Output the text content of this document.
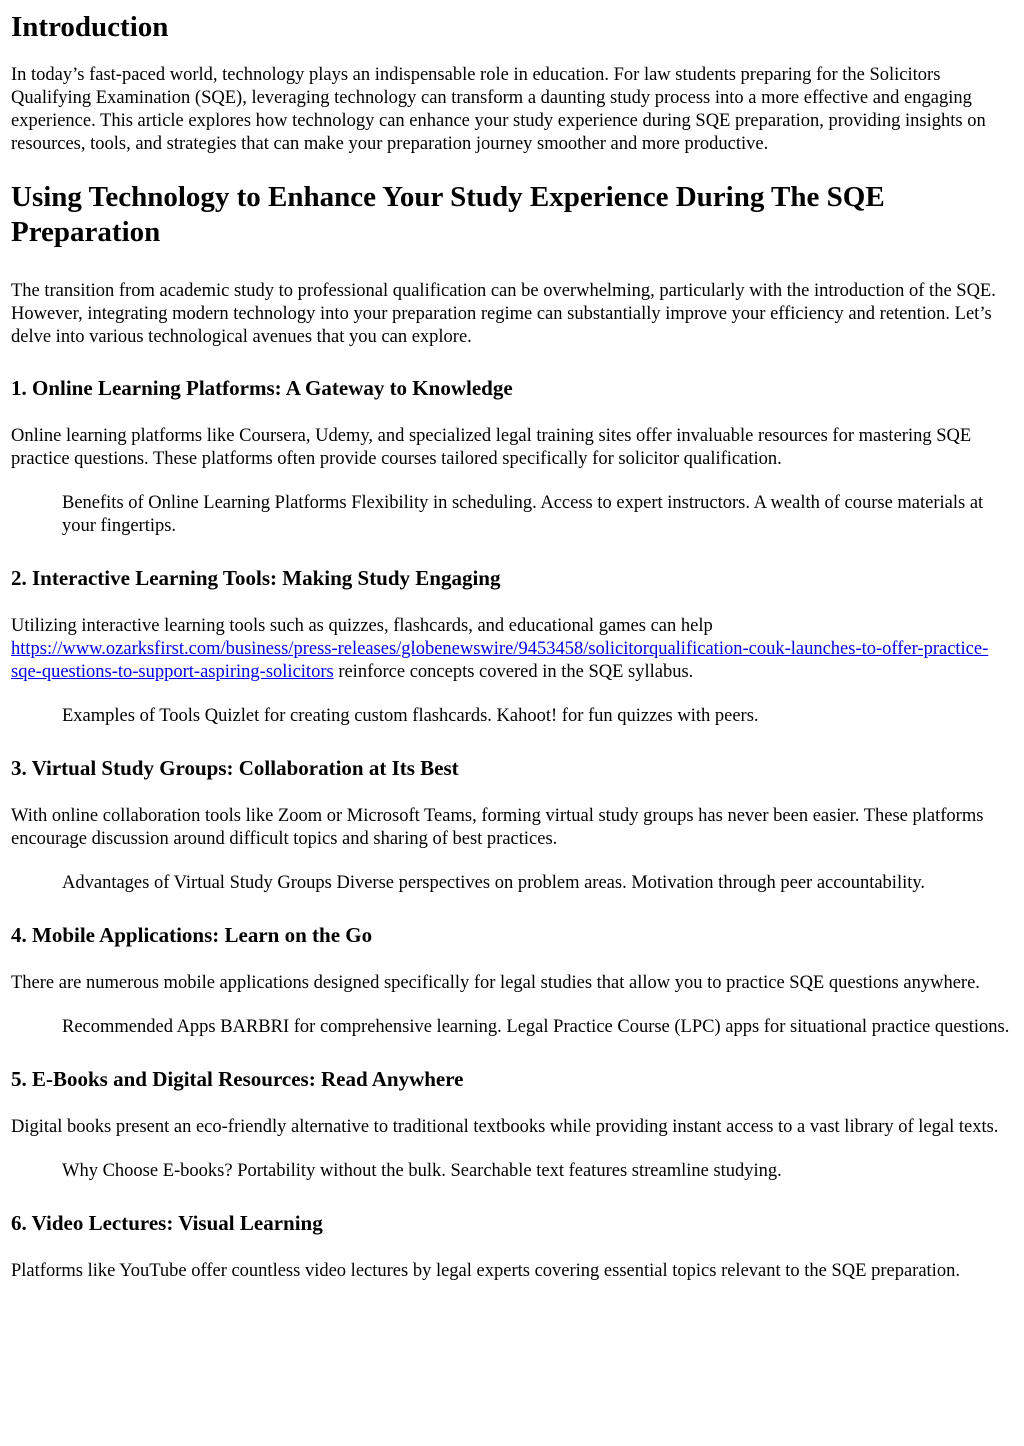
Introduction

In today’s fast-paced world, technology plays an indispensable role in education. For law students preparing for the Solicitors Qualifying Examination (SQE), leveraging technology can transform a daunting study process into a more effective and engaging experience. This article explores how technology can enhance your study experience during SQE preparation, providing insights on resources, tools, and strategies that can make your preparation journey smoother and more productive.

Using Technology to Enhance Your Study Experience During The SQE Preparation

The transition from academic study to professional qualification can be overwhelming, particularly with the introduction of the SQE. However, integrating modern technology into your preparation regime can substantially improve your efficiency and retention. Let’s delve into various technological avenues that you can explore.

1. Online Learning Platforms: A Gateway to Knowledge

Online learning platforms like Coursera, Udemy, and specialized legal training sites offer invaluable resources for mastering SQE practice questions. These platforms often provide courses tailored specifically for solicitor qualification.

Benefits of Online Learning Platforms Flexibility in scheduling. Access to expert instructors. A wealth of course materials at your fingertips.
2. Interactive Learning Tools: Making Study Engaging

Utilizing interactive learning tools such as quizzes, flashcards, and educational games can help https://www.ozarksfirst.com/business/press-releases/globenewswire/9453458/solicitorqualification-couk-launches-to-offer-practice-sqe-questions-to-support-aspiring-solicitors reinforce concepts covered in the SQE syllabus.

Examples of Tools Quizlet for creating custom flashcards. Kahoot! for fun quizzes with peers.
3. Virtual Study Groups: Collaboration at Its Best

With online collaboration tools like Zoom or Microsoft Teams, forming virtual study groups has never been easier. These platforms encourage discussion around difficult topics and sharing of best practices.

Advantages of Virtual Study Groups Diverse perspectives on problem areas. Motivation through peer accountability.
4. Mobile Applications: Learn on the Go

There are numerous mobile applications designed specifically for legal studies that allow you to practice SQE questions anywhere.

Recommended Apps BARBRI for comprehensive learning. Legal Practice Course (LPC) apps for situational practice questions.
5. E-Books and Digital Resources: Read Anywhere

Digital books present an eco-friendly alternative to traditional textbooks while providing instant access to a vast library of legal texts.

Why Choose E-books? Portability without the bulk. Searchable text features streamline studying.
6. Video Lectures: Visual Learning

Platforms like YouTube offer countless video lectures by legal experts covering essential topics relevant to the SQE preparation.
